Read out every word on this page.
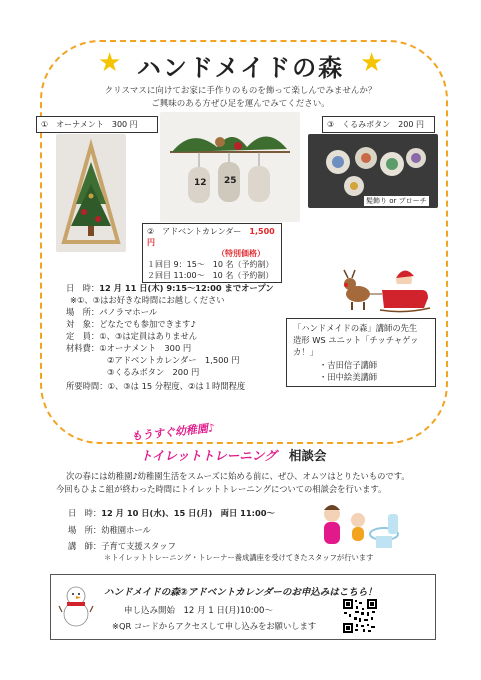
★	★
ハンドメイドの森
クリスマスに向けてお家に手作りのものを飾って楽しんでみませんか？
ご興味のある方ぜひ足を運んでみてください。
①　オーナメント　300 円
12 25
②　アドベントカレンダー　1,500 円
（特別価格）
１回目 9：15～　10 名（予約制）
２回目 11:00～　10 名（予約制）
③　くるみボタン　200 円
髪飾り or ブローチ
日　時：12 月 11 日(木) 9:15～12:00 までオープン
※①、③はお好きな時間にお越しください
場　所：パノラマホール
対　象：どなたでも参加できます♪
定　員：①、③は定員はありません
材料費：①オーナメント　300 円
②アドベントカレンダー　1,500 円
③くるみボタン　200 円
所要時間：①、③は 15 分程度、②は１時間程度
「ハンドメイドの森」講師の先生
造形 WS ユニット「チッチャゲッカ！」
・吉田信子講師
・田中絵美講師
もうすぐ幼稚園♪
トイレットトレーニング 相談会
次の春には幼稚園♪幼稚園生活をスムーズに始める前に、ぜひ、オムツはとりたいものです。
今回もひよこ組が終わった時間にトイレットトレーニングについての相談会を行います。
日　時：12 月 10 日(水)、15 日(月)　両日 11:00～
場　所：幼稚園ホール
講　師：子育て支援スタッフ
＊トイレットトレーニング・トレーナー養成講座を受けてきたスタッフが行います
ハンドメイドの森②アドベントカレンダーのお申込みはこちら！
申し込み開始　12 月 1 日(月)10:00～
※QR コードからアクセスして申し込みをお願いします
